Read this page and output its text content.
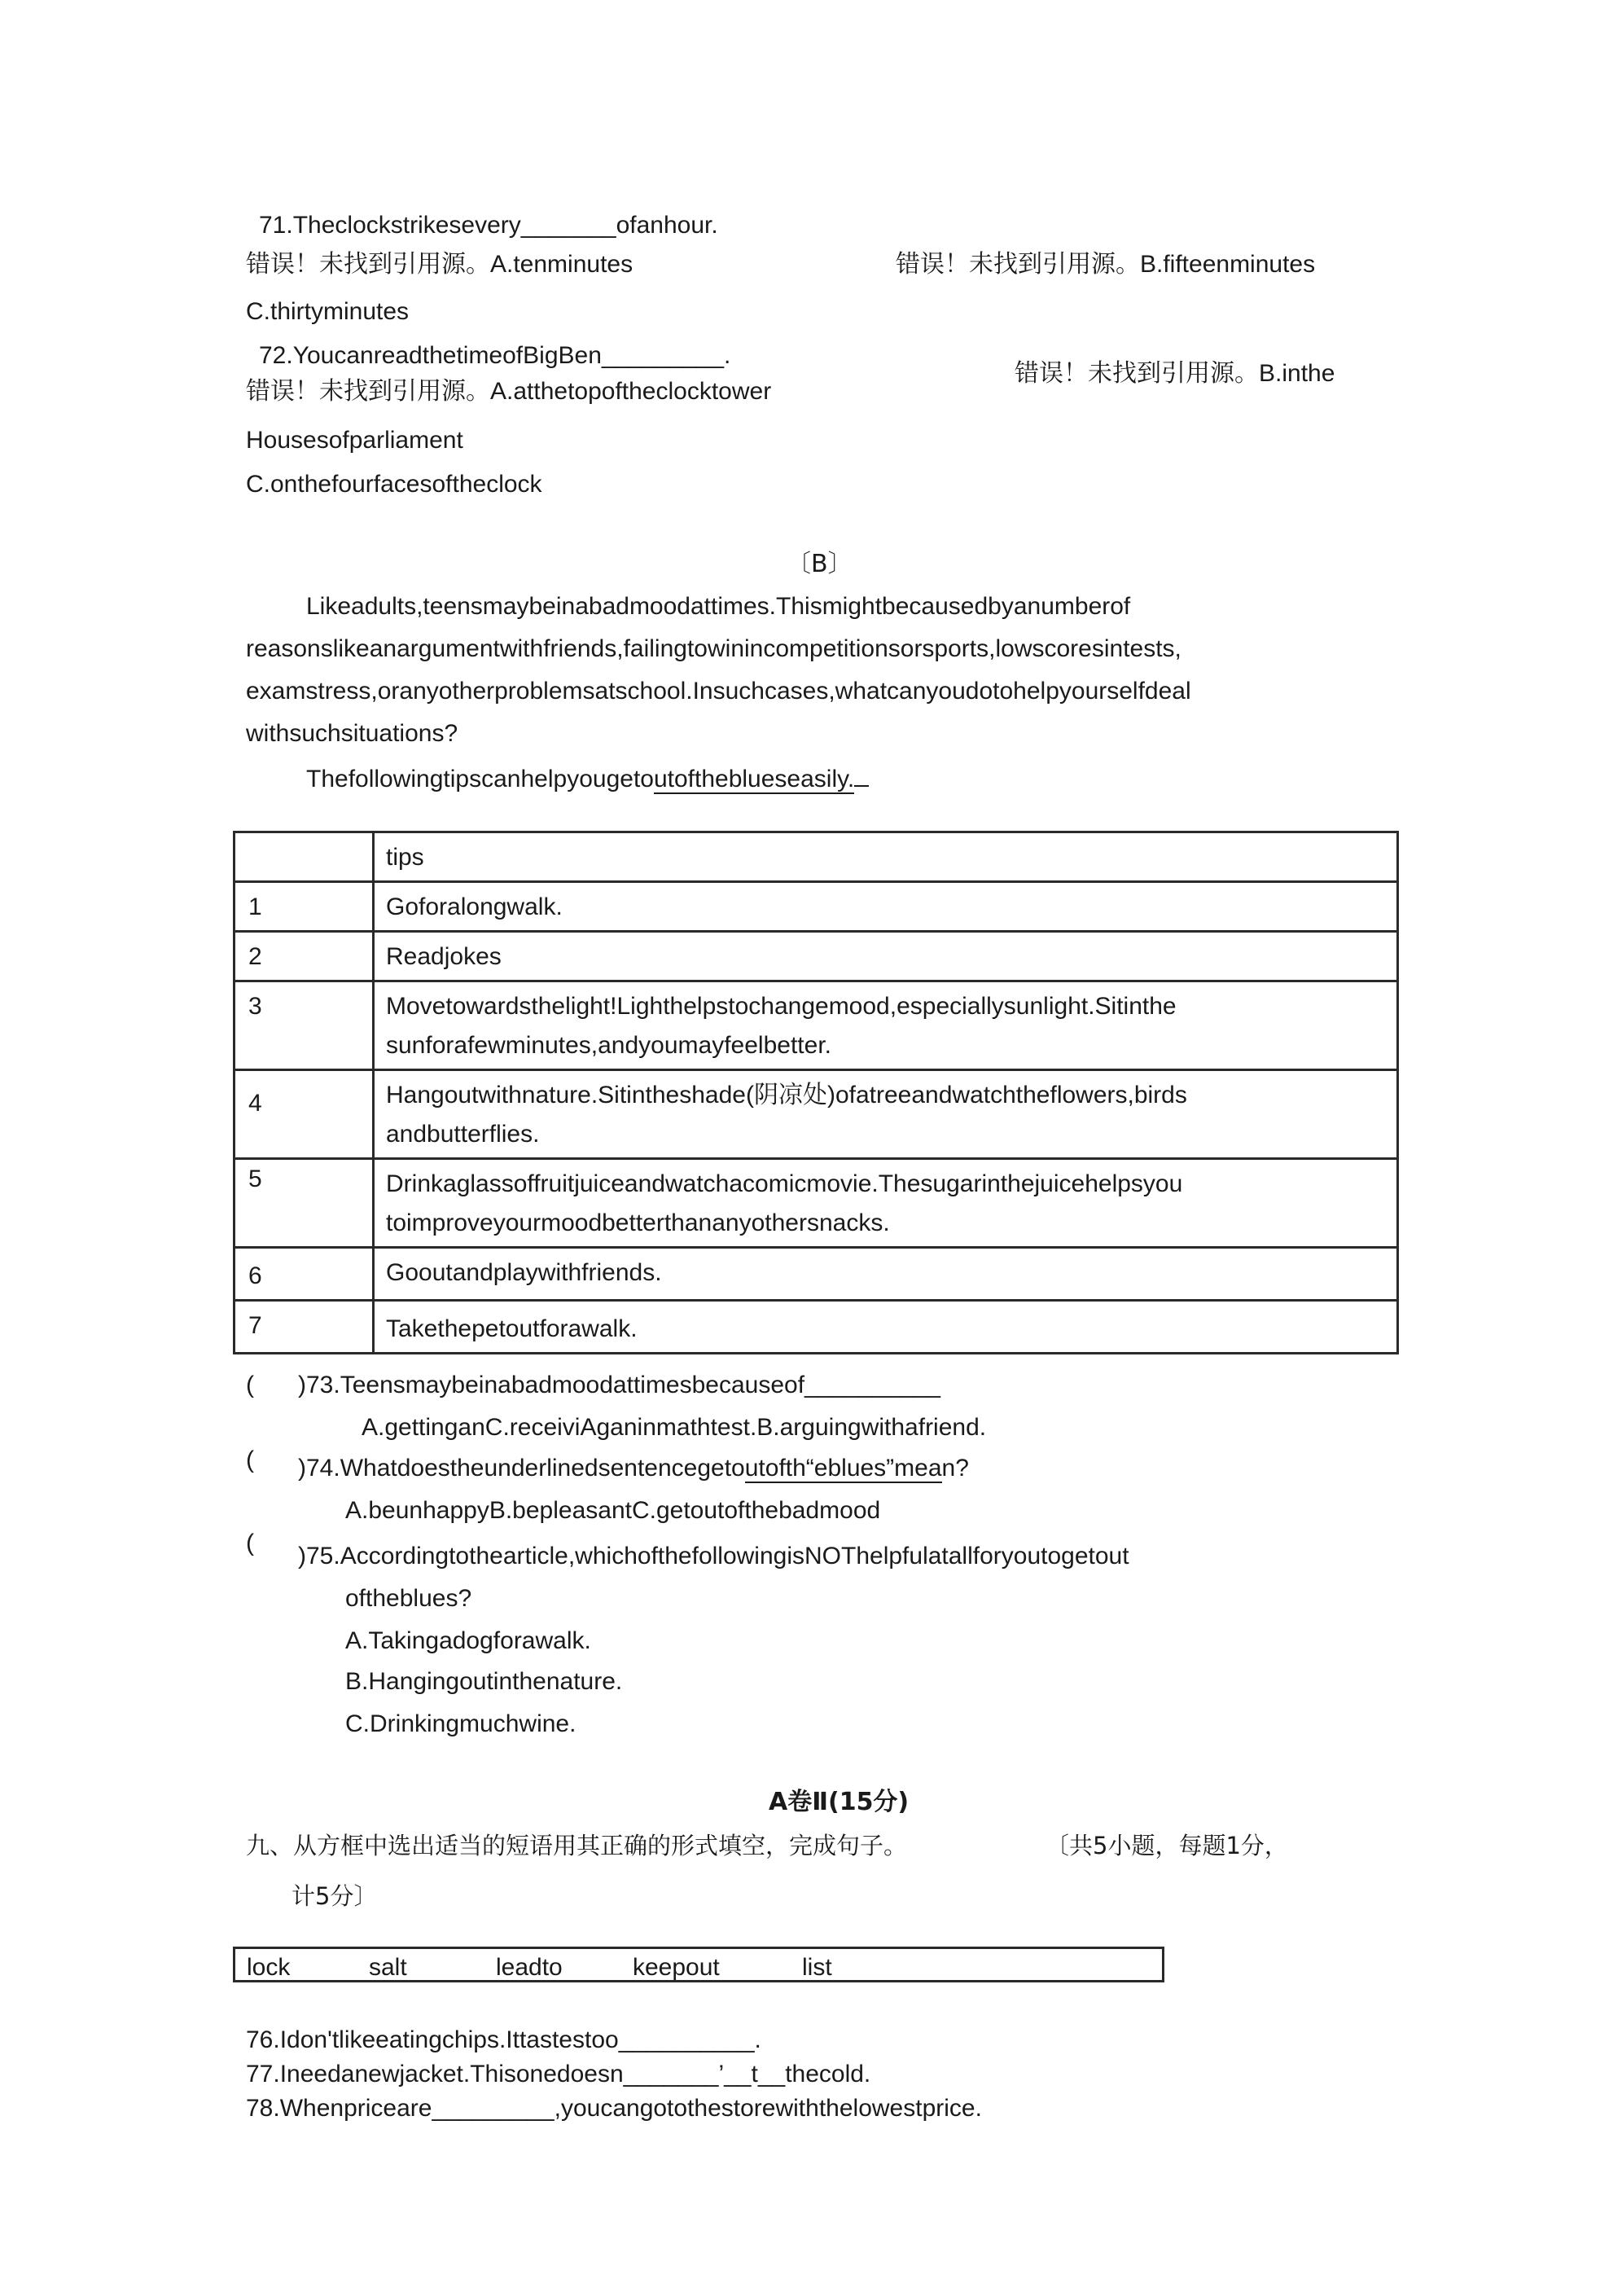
71.Theclockstrikesevery_______ofanhour.
错误！未找到引用源。A.tenminutes	错误！未找到引用源。B.fifteenminutes
C.thirtyminutes
72.YoucanreadthetimeofBigBen_________.
错误！未找到引用源。A.atthetopoftheclocktower
错误！未找到引用源。B.inthe
Housesofparliament
C.onthefourfacesoftheclock
〔B〕
Likeadults,teensmaybeinabadmoodattimes.Thismightbecausedbyanumberof
reasonslikeanargumentwithfriends,failingtowinincompetitionsorsports,lowscoresintests,
examstress,oranyotherproblemsatschool.Insuchcases,whatcanyoudotohelpyourselfdeal
withsuchsituations?
Thefollowingtipscanhelpyougetoutoftheblueseasily.
	tips
1	Goforalongwalk.
2	Readjokes
3	Movetowardsthelight!Lighthelpstochangemood,especiallysunlight.Sitinthe
sunforafewminutes,andyoumayfeelbetter.

4	Hangoutwithnature.Sitintheshade(阴凉处)ofatreeandwatchtheflowers,birds
andbutterflies.

5	Drinkaglassoffruitjuiceandwatchacomicmovie.Thesugarinthejuicehelpsyou
toimproveyourmoodbetterthananyothersnacks.

6	Gooutandplaywithfriends.
7	Takethepetoutforawalk.
( )73.Teensmaybeinabadmoodattimesbecauseof__________
A.gettinganC.receiviAganinmathtest.B.arguingwithafriend.
( )74.Whatdoestheunderlinedsentencegetoutofth“eblues”mean?
A.beunhappyB.bepleasantC.getoutofthebadmood
( )75.Accordingtothearticle,whichofthefollowingisNOThelpfulatallforyoutogetout
oftheblues?
A.Takingadogforawalk.
B.Hangingoutinthenature.
C.Drinkingmuchwine.
A卷Ⅱ(15分)
九、从方框中选出适当的短语用其正确的形式填空，完成句子。	〔共5小题，每题1分，
计5分〕
lock	salt	leadto	keepout	list
76.Idon'tlikeeatingchips.Ittastestoo__________.
77.Ineedanewjacket.Thisonedoesn_______’__t__thecold.
78.Whenpriceare_________,youcangotothestorewiththelowestprice.
